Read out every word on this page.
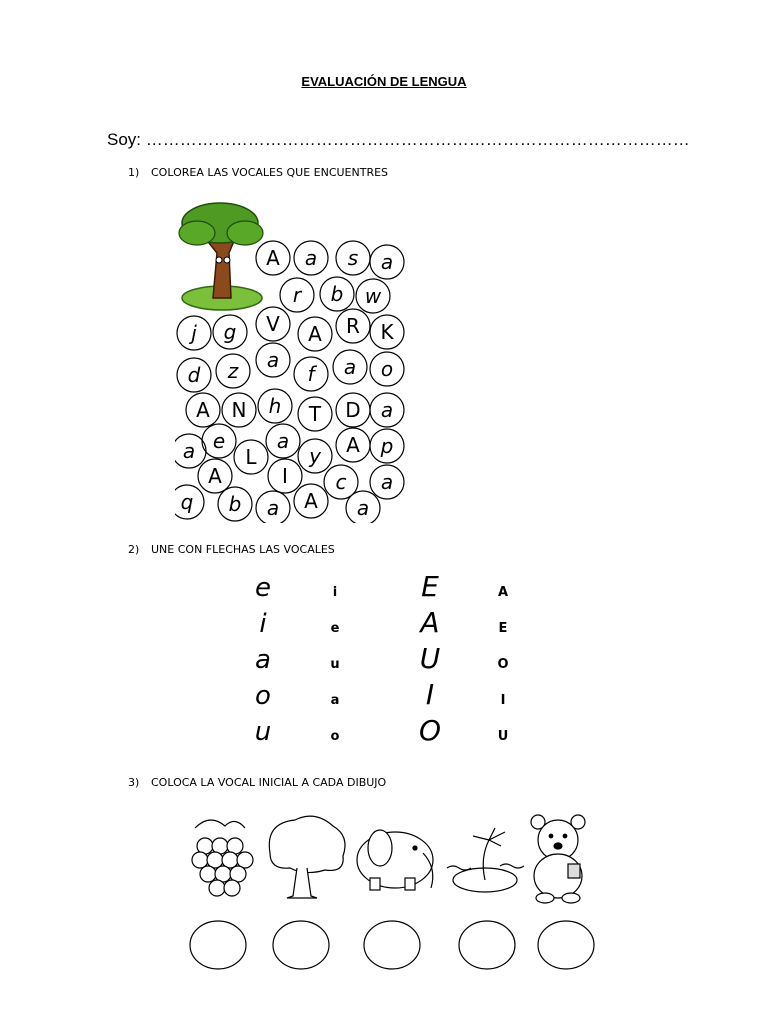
EVALUACIÓN DE LENGUA
Soy: ……………………………………………………………………………………
1) COLOREA LAS VOCALES QUE ENCUENTRES
2) UNE CON FLECHAS LAS VOCALES
3) COLOCA LA VOCAL INICIAL A CADA DIBUJO
A a s a
r b w
j g V A R K
d z a
f a o
A N h T D a
a e
L
a
y A p
A	I c a
q b a A a
e
i
a
o
u
i
e
u
a
o
E
A
U
I
O
A
E
O
I
U
